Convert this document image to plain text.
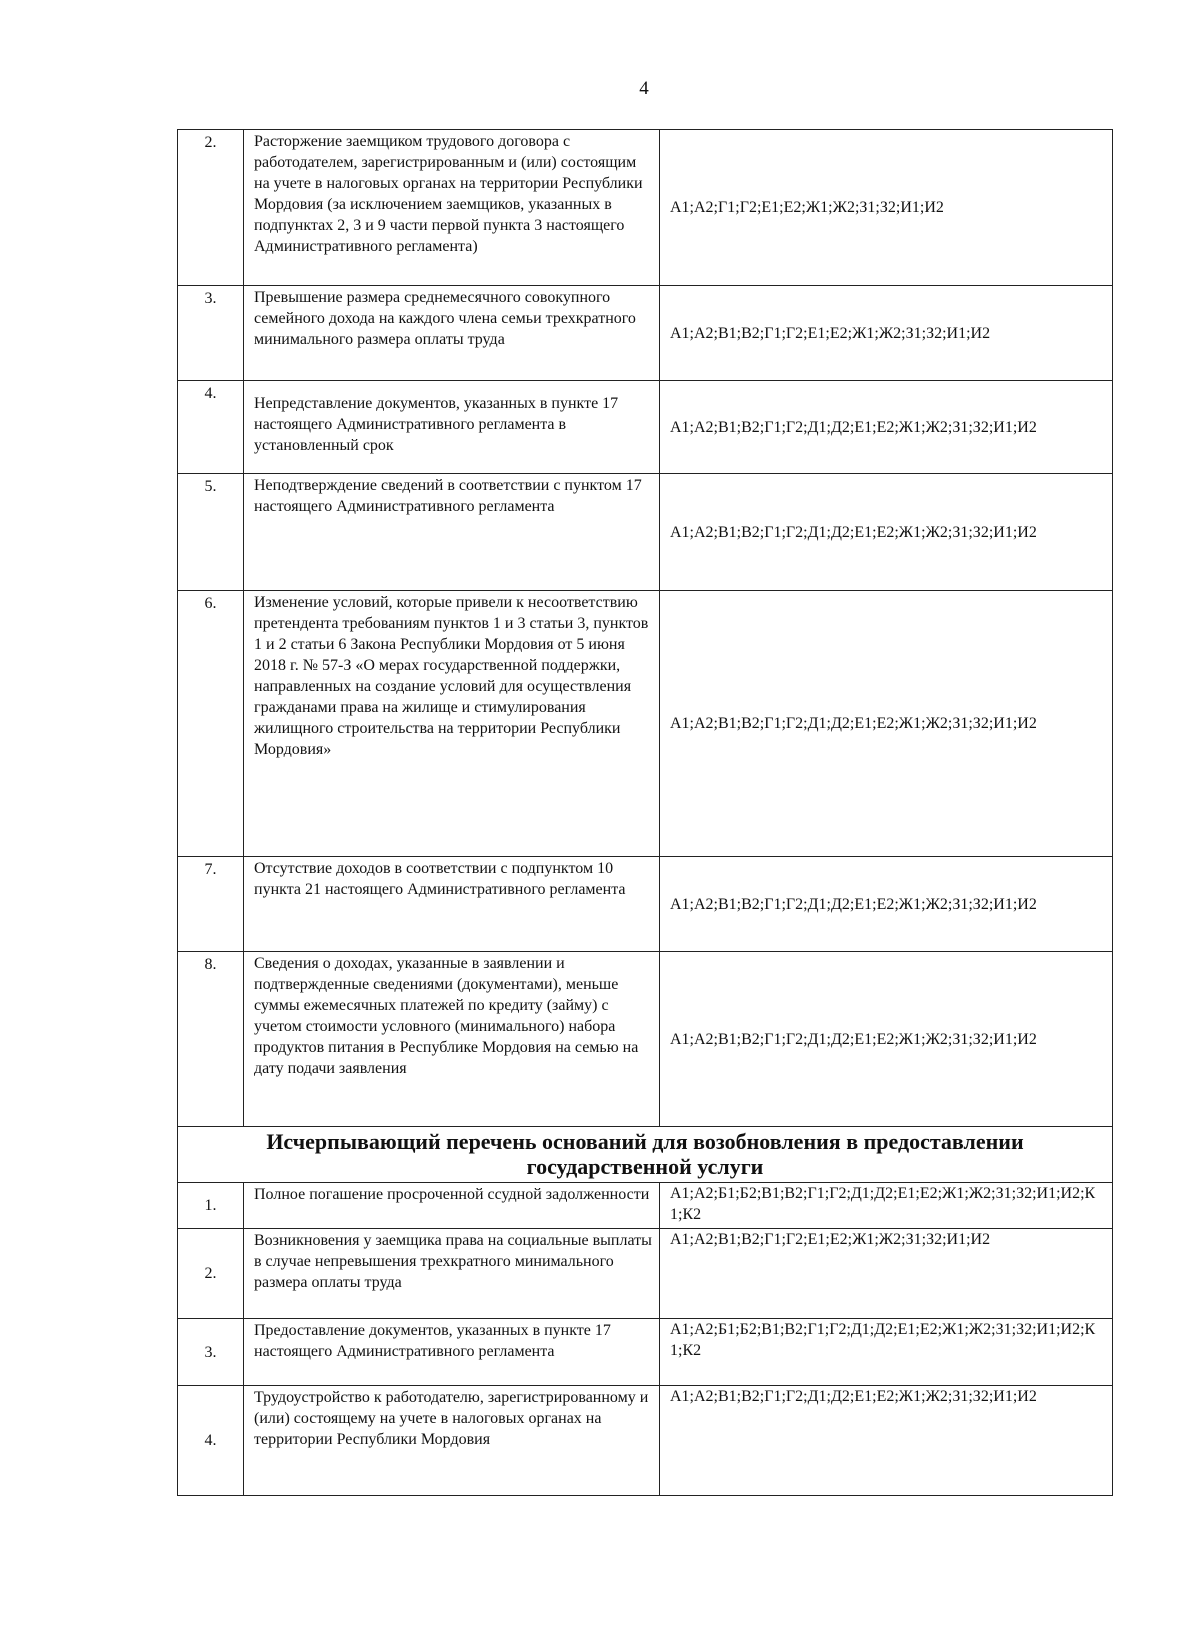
4
2.	Расторжение заемщиком трудового договора с работодателем, зарегистрированным и (или) состоящим на учете в налоговых органах на территории Республики Мордовия (за исключением заемщиков, указанных в подпунктах 2, 3 и 9 части первой пункта 3 настоящего Административного регламента)	А1;А2;Г1;Г2;Е1;Е2;Ж1;Ж2;З1;З2;И1;И2

3.	Превышение размера среднемесячного совокупного семейного дохода на каждого члена семьи трехкратного минимального размера оплаты труда	А1;А2;В1;В2;Г1;Г2;Е1;Е2;Ж1;Ж2;З1;З2;И1;И2

4.	Непредставление документов, указанных в пункте 17 настоящего Административного регламента в установленный срок	А1;А2;В1;В2;Г1;Г2;Д1;Д2;Е1;Е2;Ж1;Ж2;З1;З2;И1;И2

5.	Неподтверждение сведений в соответствии с пунктом 17 настоящего Административного регламента	А1;А2;В1;В2;Г1;Г2;Д1;Д2;Е1;Е2;Ж1;Ж2;З1;З2;И1;И2

6.	Изменение условий, которые привели к несоответствию претендента требованиям пунктов 1 и 3 статьи 3, пунктов 1 и 2 статьи 6 Закона Республики Мордовия от 5 июня 2018 г. № 57-З «О мерах государственной поддержки, направленных на создание условий для осуществления гражданами права на жилище и стимулирования жилищного строительства на территории Республики Мордовия»	А1;А2;В1;В2;Г1;Г2;Д1;Д2;Е1;Е2;Ж1;Ж2;З1;З2;И1;И2

7.	Отсутствие доходов в соответствии с подпунктом 10 пункта 21 настоящего Административного регламента	А1;А2;В1;В2;Г1;Г2;Д1;Д2;Е1;Е2;Ж1;Ж2;З1;З2;И1;И2

8.	Сведения о доходах, указанные в заявлении и подтвержденные сведениями (документами), меньше суммы ежемесячных платежей по кредиту (займу) с учетом стоимости условного (минимального) набора продуктов питания в Республике Мордовия на семью на дату подачи заявления	А1;А2;В1;В2;Г1;Г2;Д1;Д2;Е1;Е2;Ж1;Ж2;З1;З2;И1;И2
Исчерпывающий перечень оснований для возобновления в предоставлении государственной услуги		
1.	Полное погашение просроченной ссудной задолженности	А1;А2;Б1;Б2;В1;В2;Г1;Г2;Д1;Д2;Е1;Е2;Ж1;Ж2;З1;З2;И1;И2;К1;К2
2.	Возникновения у заемщика права на социальные выплаты в случае непревышения трехкратного минимального размера оплаты труда	А1;А2;В1;В2;Г1;Г2;Е1;Е2;Ж1;Ж2;З1;З2;И1;И2
3.	Предоставление документов, указанных в пункте 17 настоящего Административного регламента	А1;А2;Б1;Б2;В1;В2;Г1;Г2;Д1;Д2;Е1;Е2;Ж1;Ж2;З1;З2;И1;И2;К1;К2
4.	Трудоустройство к работодателю, зарегистрированному и (или) состоящему на учете в налоговых органах на территории Республики Мордовия	А1;А2;В1;В2;Г1;Г2;Д1;Д2;Е1;Е2;Ж1;Ж2;З1;З2;И1;И2
